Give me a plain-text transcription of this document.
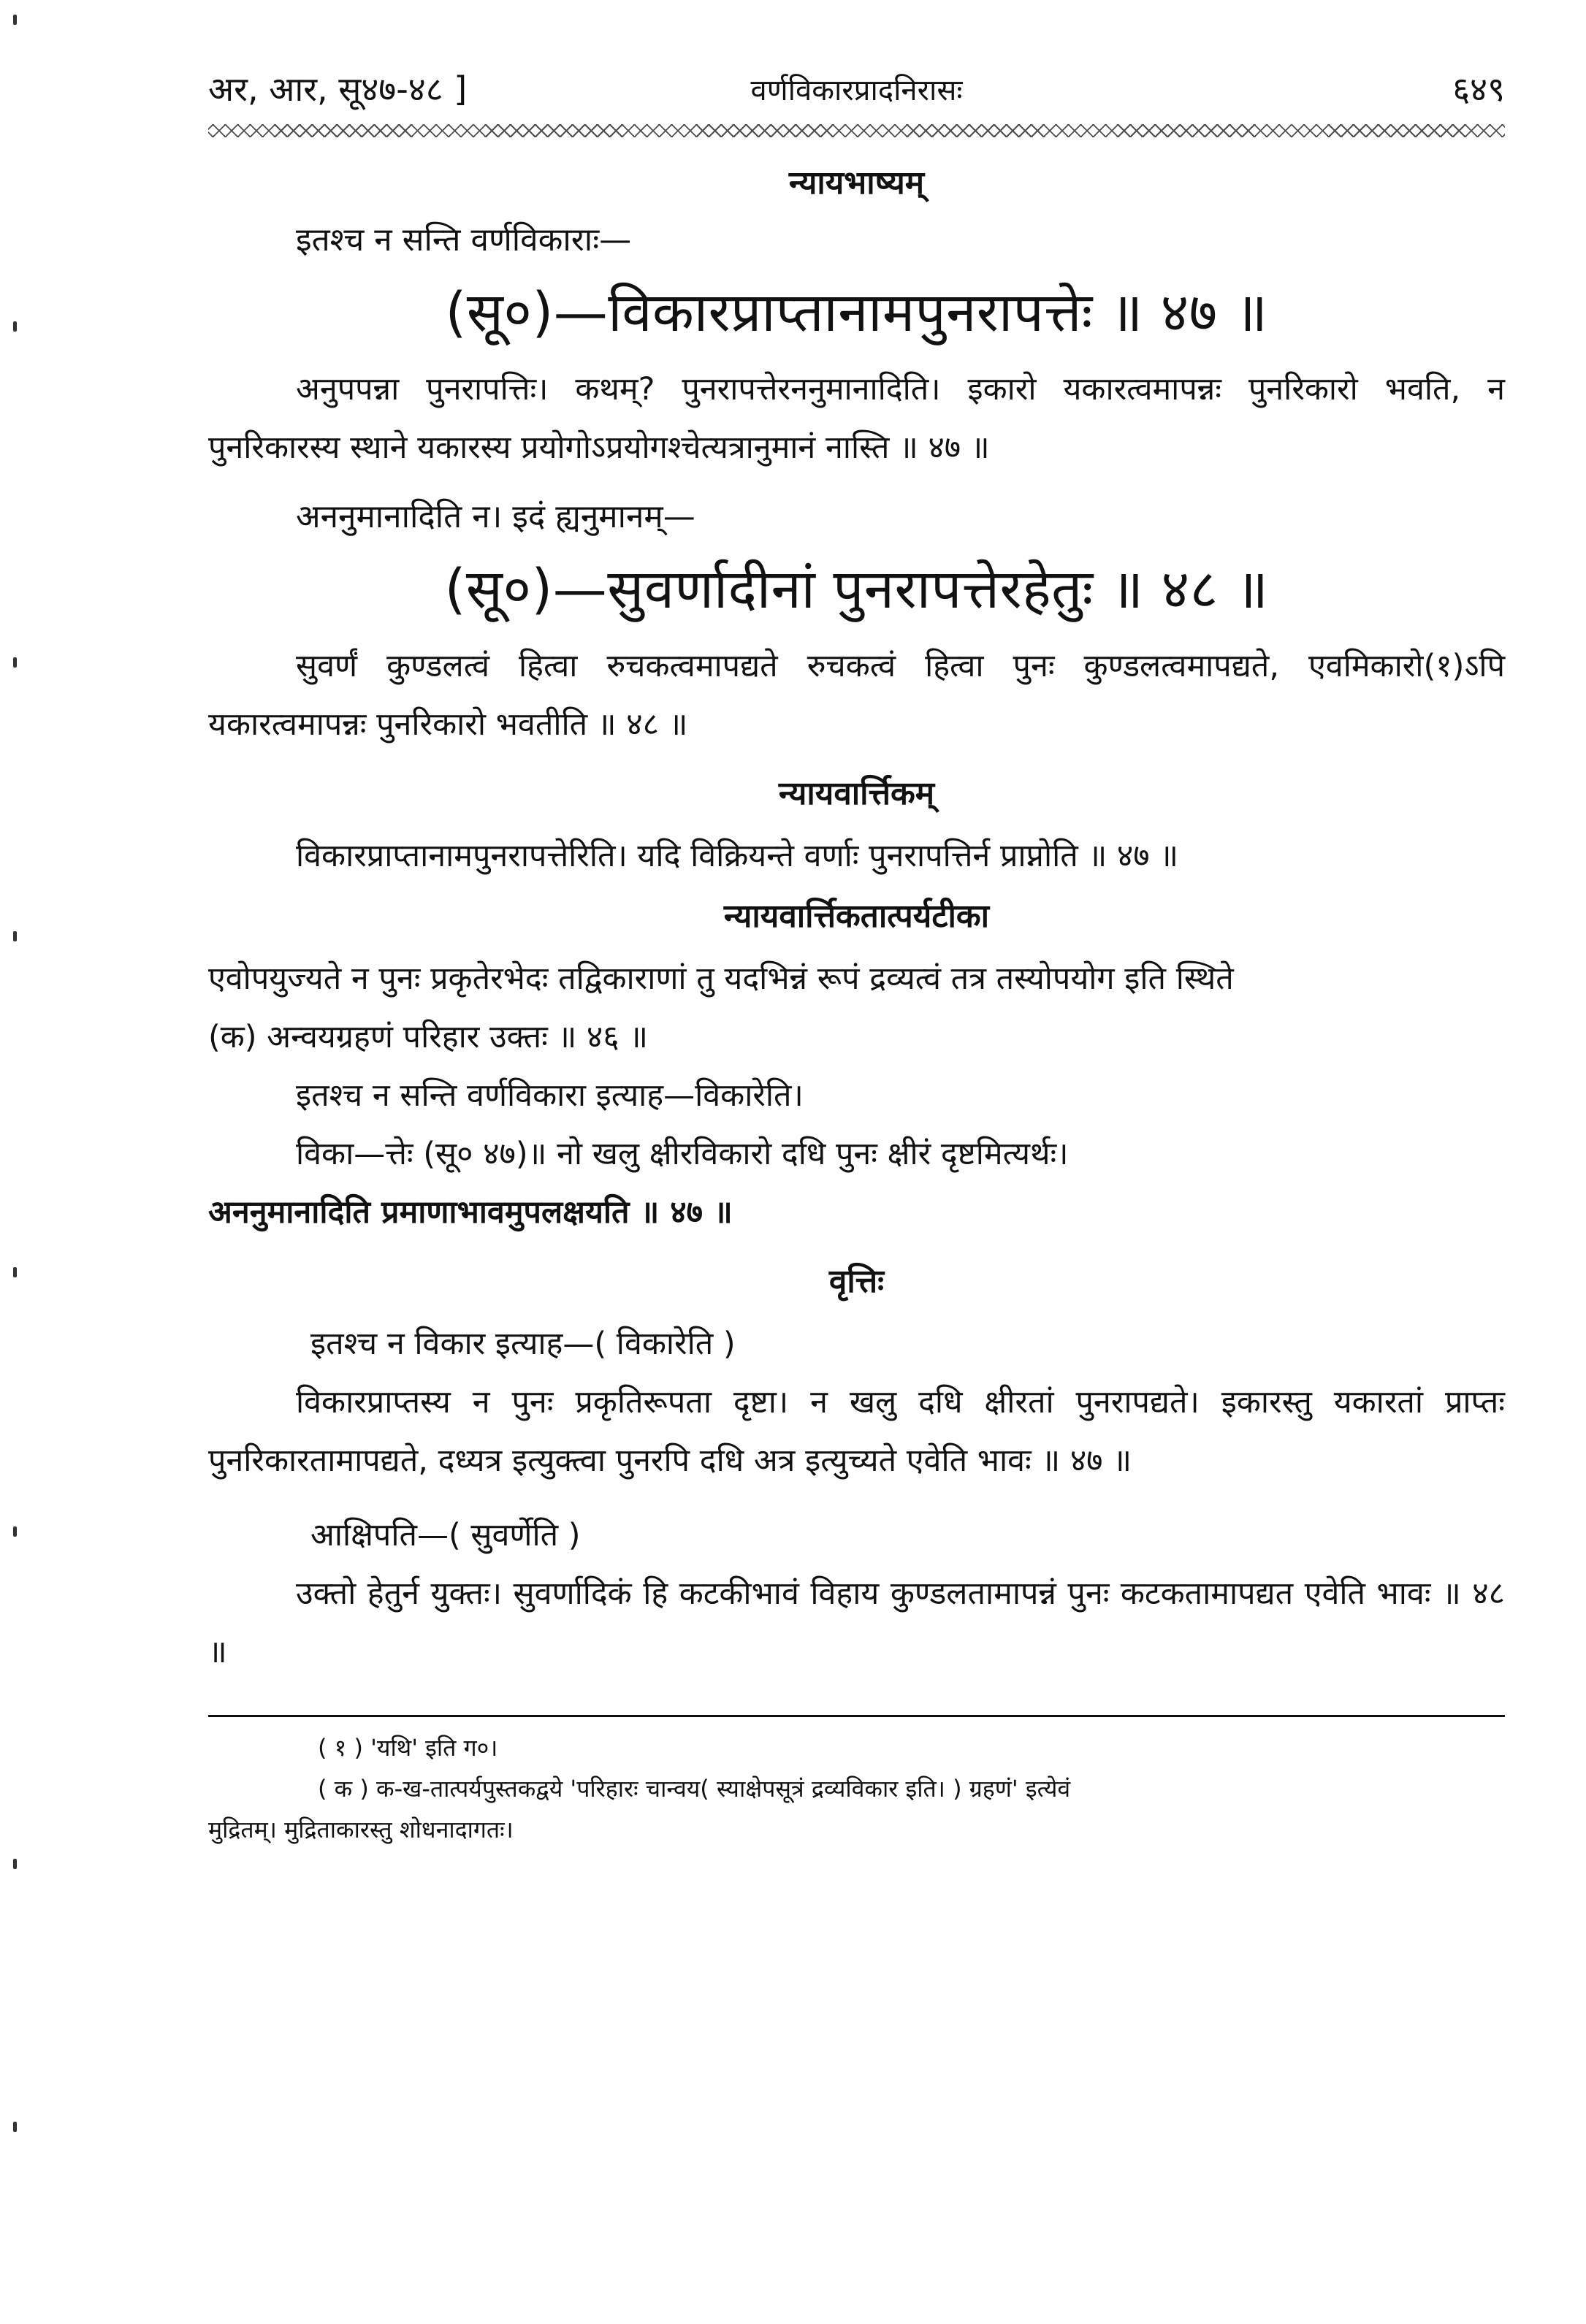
अर, आर, सू४७-४८ ]	वर्णविकारप्रादनिरासः	६४९
न्यायभाष्यम्
इतश्च न सन्ति वर्णविकाराः—
(सू०)—विकारप्राप्तानामपुनरापत्तेः ॥ ४७ ॥

अनुपपन्ना पुनरापत्तिः। कथम्? पुनरापत्तेरननुमानादिति। इकारो यकारत्वमापन्नः पुनरिकारो भवति, न पुनरिकारस्य स्थाने यकारस्य प्रयोगोऽप्रयोगश्चेत्यत्रानुमानं नास्ति ॥ ४७ ॥

अननुमानादिति न। इदं ह्यनुमानम्—
(सू०)—सुवर्णादीनां पुनरापत्तेरहेतुः ॥ ४८ ॥

सुवर्णं कुण्डलत्वं हित्वा रुचकत्वमापद्यते रुचकत्वं हित्वा पुनः कुण्डलत्वमापद्यते, एवमिकारो(१)ऽपि यकारत्वमापन्नः पुनरिकारो भवतीति ॥ ४८ ॥

न्यायवार्त्तिकम्

विकारप्राप्तानामपुनरापत्तेरिति। यदि विक्रियन्ते वर्णाः पुनरापत्तिर्न प्राप्नोति ॥ ४७ ॥

न्यायवार्त्तिकतात्पर्यटीका

एवोपयुज्यते न पुनः प्रकृतेरभेदः तद्विकाराणां तु यदभिन्नं रूपं द्रव्यत्वं तत्र तस्योपयोग इति स्थिते

(क) अन्वयग्रहणं परिहार उक्तः ॥ ४६ ॥

इतश्च न सन्ति वर्णविकारा इत्याह—विकारेति।

विका—त्तेः (सू० ४७)॥ नो खलु क्षीरविकारो दधि पुनः क्षीरं दृष्टमित्यर्थः।

अननुमानादिति प्रमाणाभावमुपलक्षयति ॥ ४७ ॥

वृत्तिः

इतश्च न विकार इत्याह—( विकारेति )

विकारप्राप्तस्य न पुनः प्रकृतिरूपता दृष्टा। न खलु दधि क्षीरतां पुनरापद्यते। इकारस्तु यकारतां प्राप्तः पुनरिकारतामापद्यते, दध्यत्र इत्युक्त्वा पुनरपि दधि अत्र इत्युच्यते एवेति भावः ॥ ४७ ॥

आक्षिपति—( सुवर्णेति )

उक्तो हेतुर्न युक्तः। सुवर्णादिकं हि कटकीभावं विहाय कुण्डलतामापन्नं पुनः कटकतामापद्यत एवेति भावः ॥ ४८ ॥

( १ ) 'यथि' इति ग०।

( क ) क-ख-तात्पर्यपुस्तकद्वये 'परिहारः चान्वय( स्याक्षेपसूत्रं द्रव्यविकार इति। ) ग्रहणं' इत्येवं

मुद्रितम्। मुद्रिताकारस्तु शोधनादागतः।
